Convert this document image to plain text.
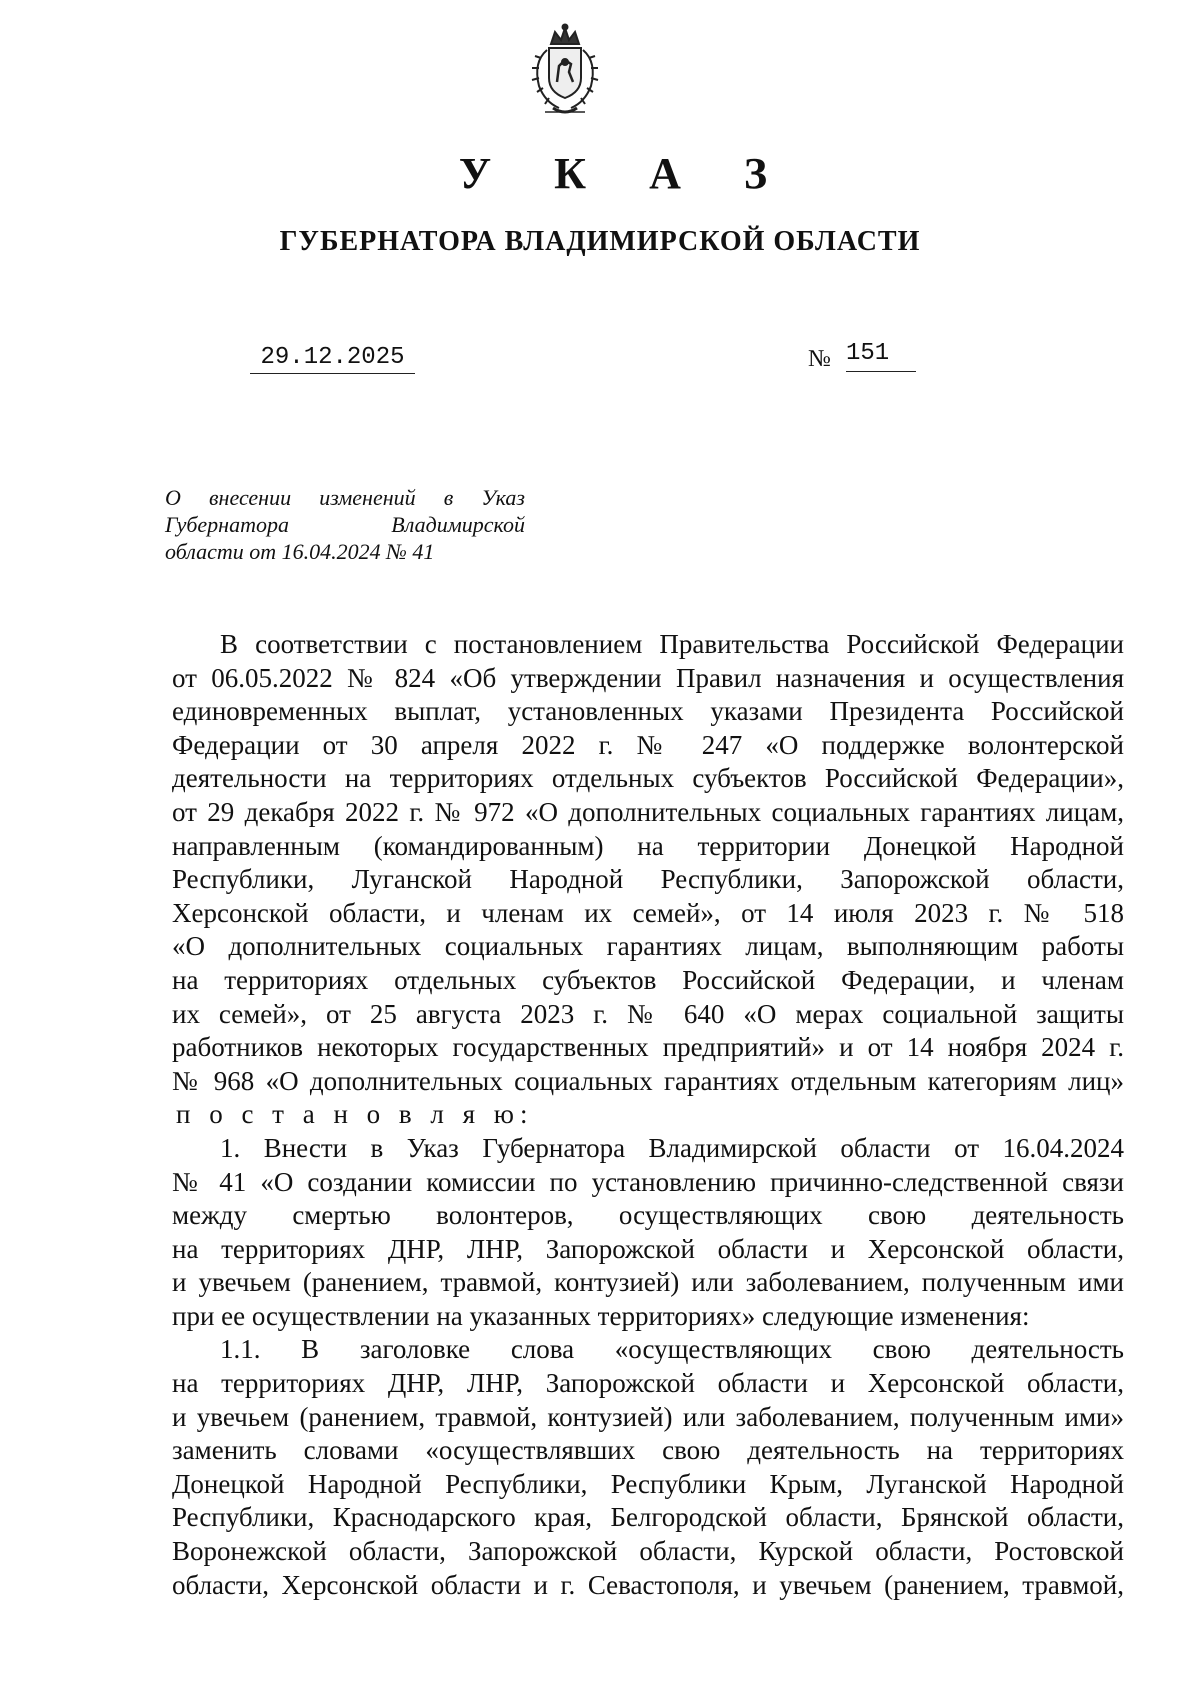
У К А З
ГУБЕРНАТОРА ВЛАДИМИРСКОЙ ОБЛАСТИ
29.12.2025	№ 151
О внесении изменений в Указ
Губернатора Владимирской
области от 16.04.2024 № 41
В соответствии с постановлением Правительства Российской Федерации
от 06.05.2022 № 824 «Об утверждении Правил назначения и осуществления
единовременных выплат, установленных указами Президента Российской
Федерации от 30 апреля 2022 г. № 247 «О поддержке волонтерской
деятельности на территориях отдельных субъектов Российской Федерации»,
от 29 декабря 2022 г. № 972 «О дополнительных социальных гарантиях лицам,
направленным (командированным) на территории Донецкой Народной
Республики, Луганской Народной Республики, Запорожской области,
Херсонской области, и членам их семей», от 14 июля 2023 г. № 518
«О дополнительных социальных гарантиях лицам, выполняющим работы
на территориях отдельных субъектов Российской Федерации, и членам
их семей», от 25 августа 2023 г. № 640 «О мерах социальной защиты
работников некоторых государственных предприятий» и от 14 ноября 2024 г.
№ 968 «О дополнительных социальных гарантиях отдельным категориям лиц»
п о с т а н о в л я ю:
1. Внести в Указ Губернатора Владимирской области от 16.04.2024
№ 41 «О создании комиссии по установлению причинно-следственной связи
между смертью волонтеров, осуществляющих свою деятельность
на территориях ДНР, ЛНР, Запорожской области и Херсонской области,
и увечьем (ранением, травмой, контузией) или заболеванием, полученным ими
при ее осуществлении на указанных территориях» следующие изменения:
1.1. В заголовке слова «осуществляющих свою деятельность
на территориях ДНР, ЛНР, Запорожской области и Херсонской области,
и увечьем (ранением, травмой, контузией) или заболеванием, полученным ими»
заменить словами «осуществлявших свою деятельность на территориях
Донецкой Народной Республики, Республики Крым, Луганской Народной
Республики, Краснодарского края, Белгородской области, Брянской области,
Воронежской области, Запорожской области, Курской области, Ростовской
области, Херсонской области и г. Севастополя, и увечьем (ранением, травмой,
